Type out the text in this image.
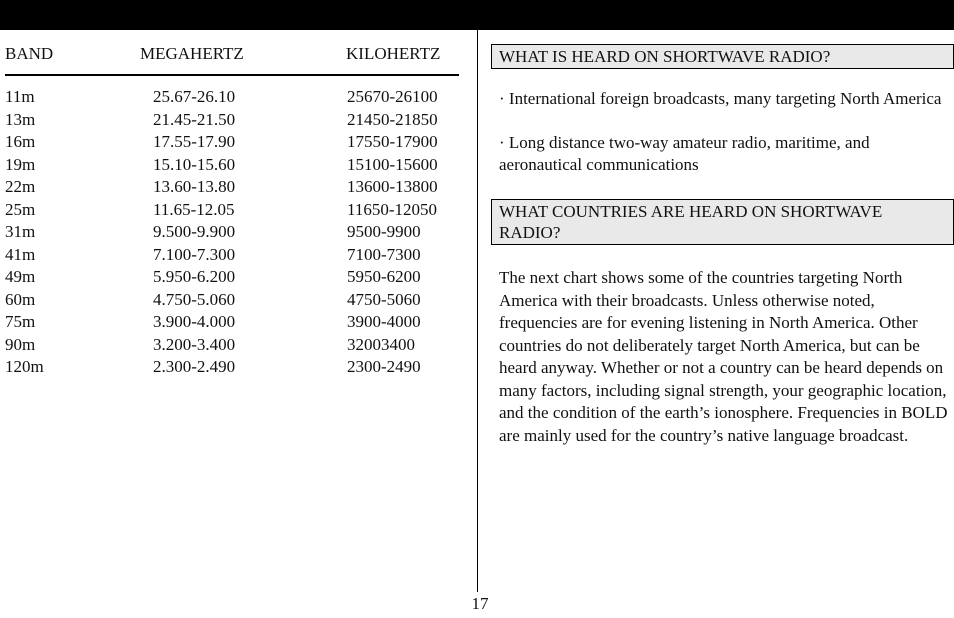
BAND	MEGAHERTZ	KILOHERTZ
11m	25.67-26.10	25670-26100
13m	21.45-21.50	21450-21850
16m	17.55-17.90	17550-17900
19m	15.10-15.60	15100-15600
22m	13.60-13.80	13600-13800
25m	11.65-12.05	11650-12050
31m	9.500-9.900	9500-9900
41m	7.100-7.300	7100-7300
49m	5.950-6.200	5950-6200
60m	4.750-5.060	4750-5060
75m	3.900-4.000	3900-4000
90m	3.200-3.400	32003400
120m	2.300-2.490	2300-2490
WHAT IS HEARD ON SHORTWAVE RADIO?

· International foreign broadcasts, many targeting North America

· Long distance two-way amateur radio, maritime, and aeronautical communications

WHAT COUNTRIES ARE HEARD ON SHORTWAVE RADIO?

The next chart shows some of the countries targeting North America with their broadcasts. Unless otherwise noted, frequencies are for evening listening in North America. Other countries do not deliberately target North America, but can be heard anyway. Whether or not a country can be heard depends on many factors, including signal strength, your geographic location, and the condition of the earth’s ionosphere. Frequencies in BOLD are mainly used for the country’s native language broadcast.

17
